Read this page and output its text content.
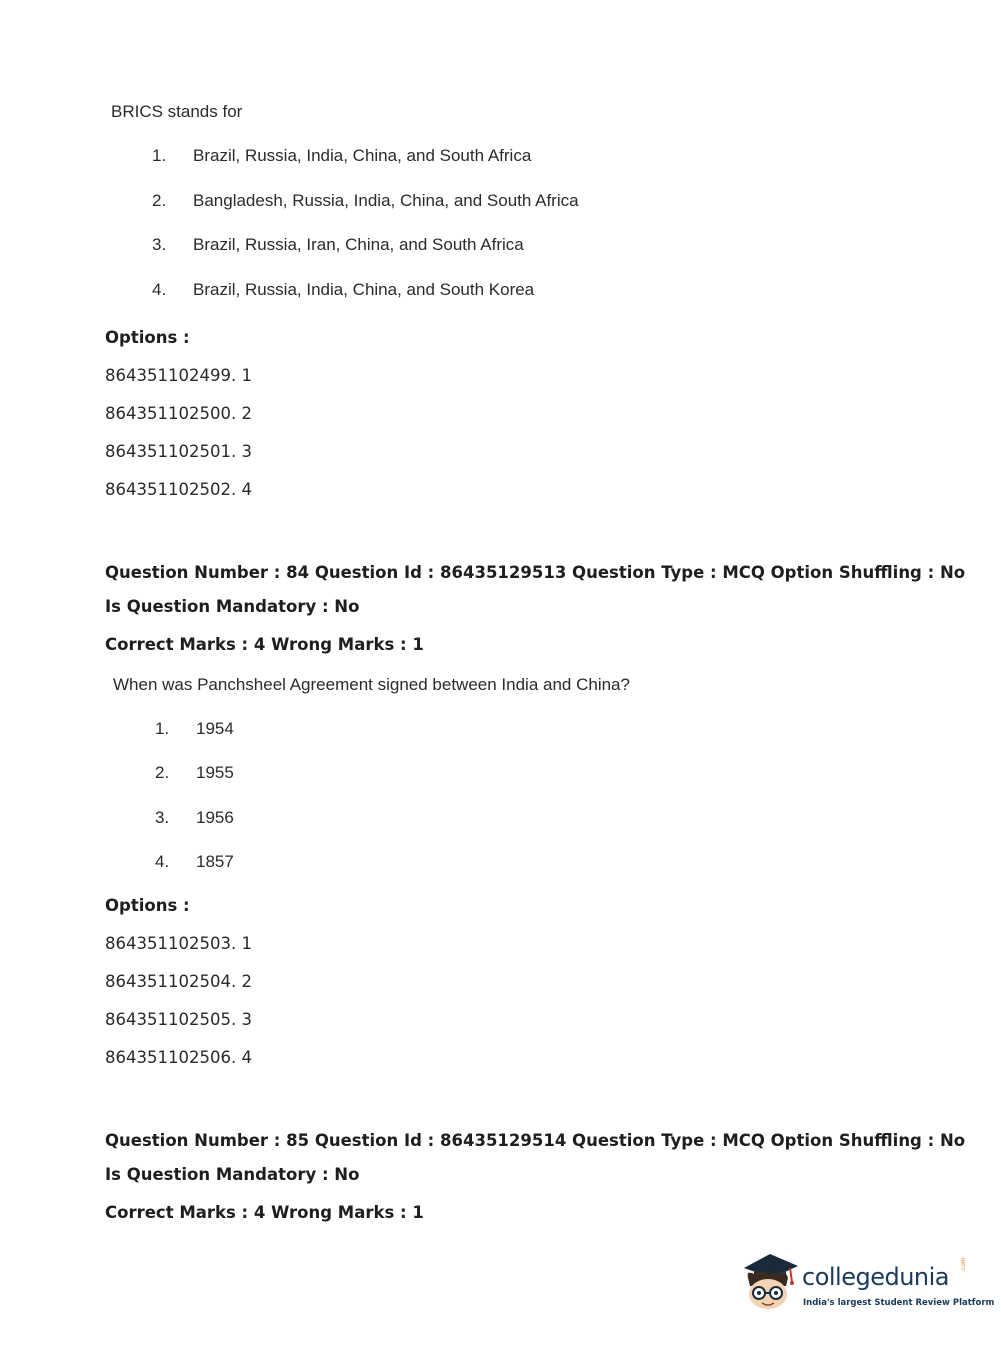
BRICS stands for
1. Brazil, Russia, India, China, and South Africa
2. Bangladesh, Russia, India, China, and South Africa
3. Brazil, Russia, Iran, China, and South Africa
4. Brazil, Russia, India, China, and South Korea
Options :
864351102499. 1
864351102500. 2
864351102501. 3
864351102502. 4
Question Number : 84 Question Id : 86435129513 Question Type : MCQ Option Shuffling : No
Is Question Mandatory : No
Correct Marks : 4 Wrong Marks : 1
When was Panchsheel Agreement signed between India and China?
1. 1954
2. 1955
3. 1956
4. 1857
Options :
864351102503. 1
864351102504. 2
864351102505. 3
864351102506. 4
Question Number : 85 Question Id : 86435129514 Question Type : MCQ Option Shuffling : No
Is Question Mandatory : No
Correct Marks : 4 Wrong Marks : 1
collegedunia .com
India's largest Student Review Platform
